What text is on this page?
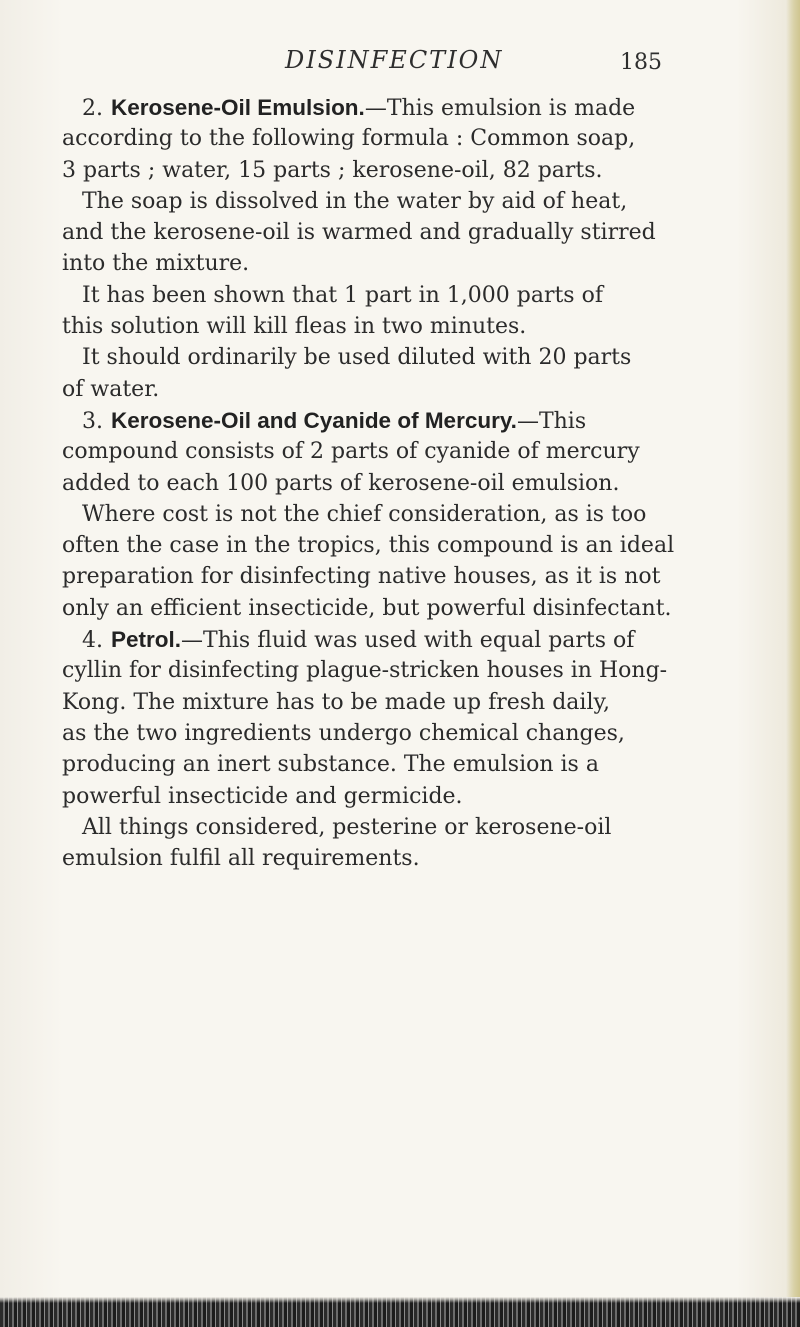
DISINFECTION	185
2. Kerosene-Oil Emulsion.—This emulsion is made
according to the following formula : Common soap,
3 parts ; water, 15 parts ; kerosene-oil, 82 parts.
The soap is dissolved in the water by aid of heat,
and the kerosene-oil is warmed and gradually stirred
into the mixture.
It has been shown that 1 part in 1,000 parts of
this solution will kill fleas in two minutes.
It should ordinarily be used diluted with 20 parts
of water.
3. Kerosene-Oil and Cyanide of Mercury.—This
compound consists of 2 parts of cyanide of mercury
added to each 100 parts of kerosene-oil emulsion.
Where cost is not the chief consideration, as is too
often the case in the tropics, this compound is an ideal
preparation for disinfecting native houses, as it is not
only an efficient insecticide, but powerful disinfectant.
4. Petrol.—This fluid was used with equal parts of
cyllin for disinfecting plague-stricken houses in Hong-
Kong. The mixture has to be made up fresh daily,
as the two ingredients undergo chemical changes,
producing an inert substance. The emulsion is a
powerful insecticide and germicide.
All things considered, pesterine or kerosene-oil
emulsion fulfil all requirements.
